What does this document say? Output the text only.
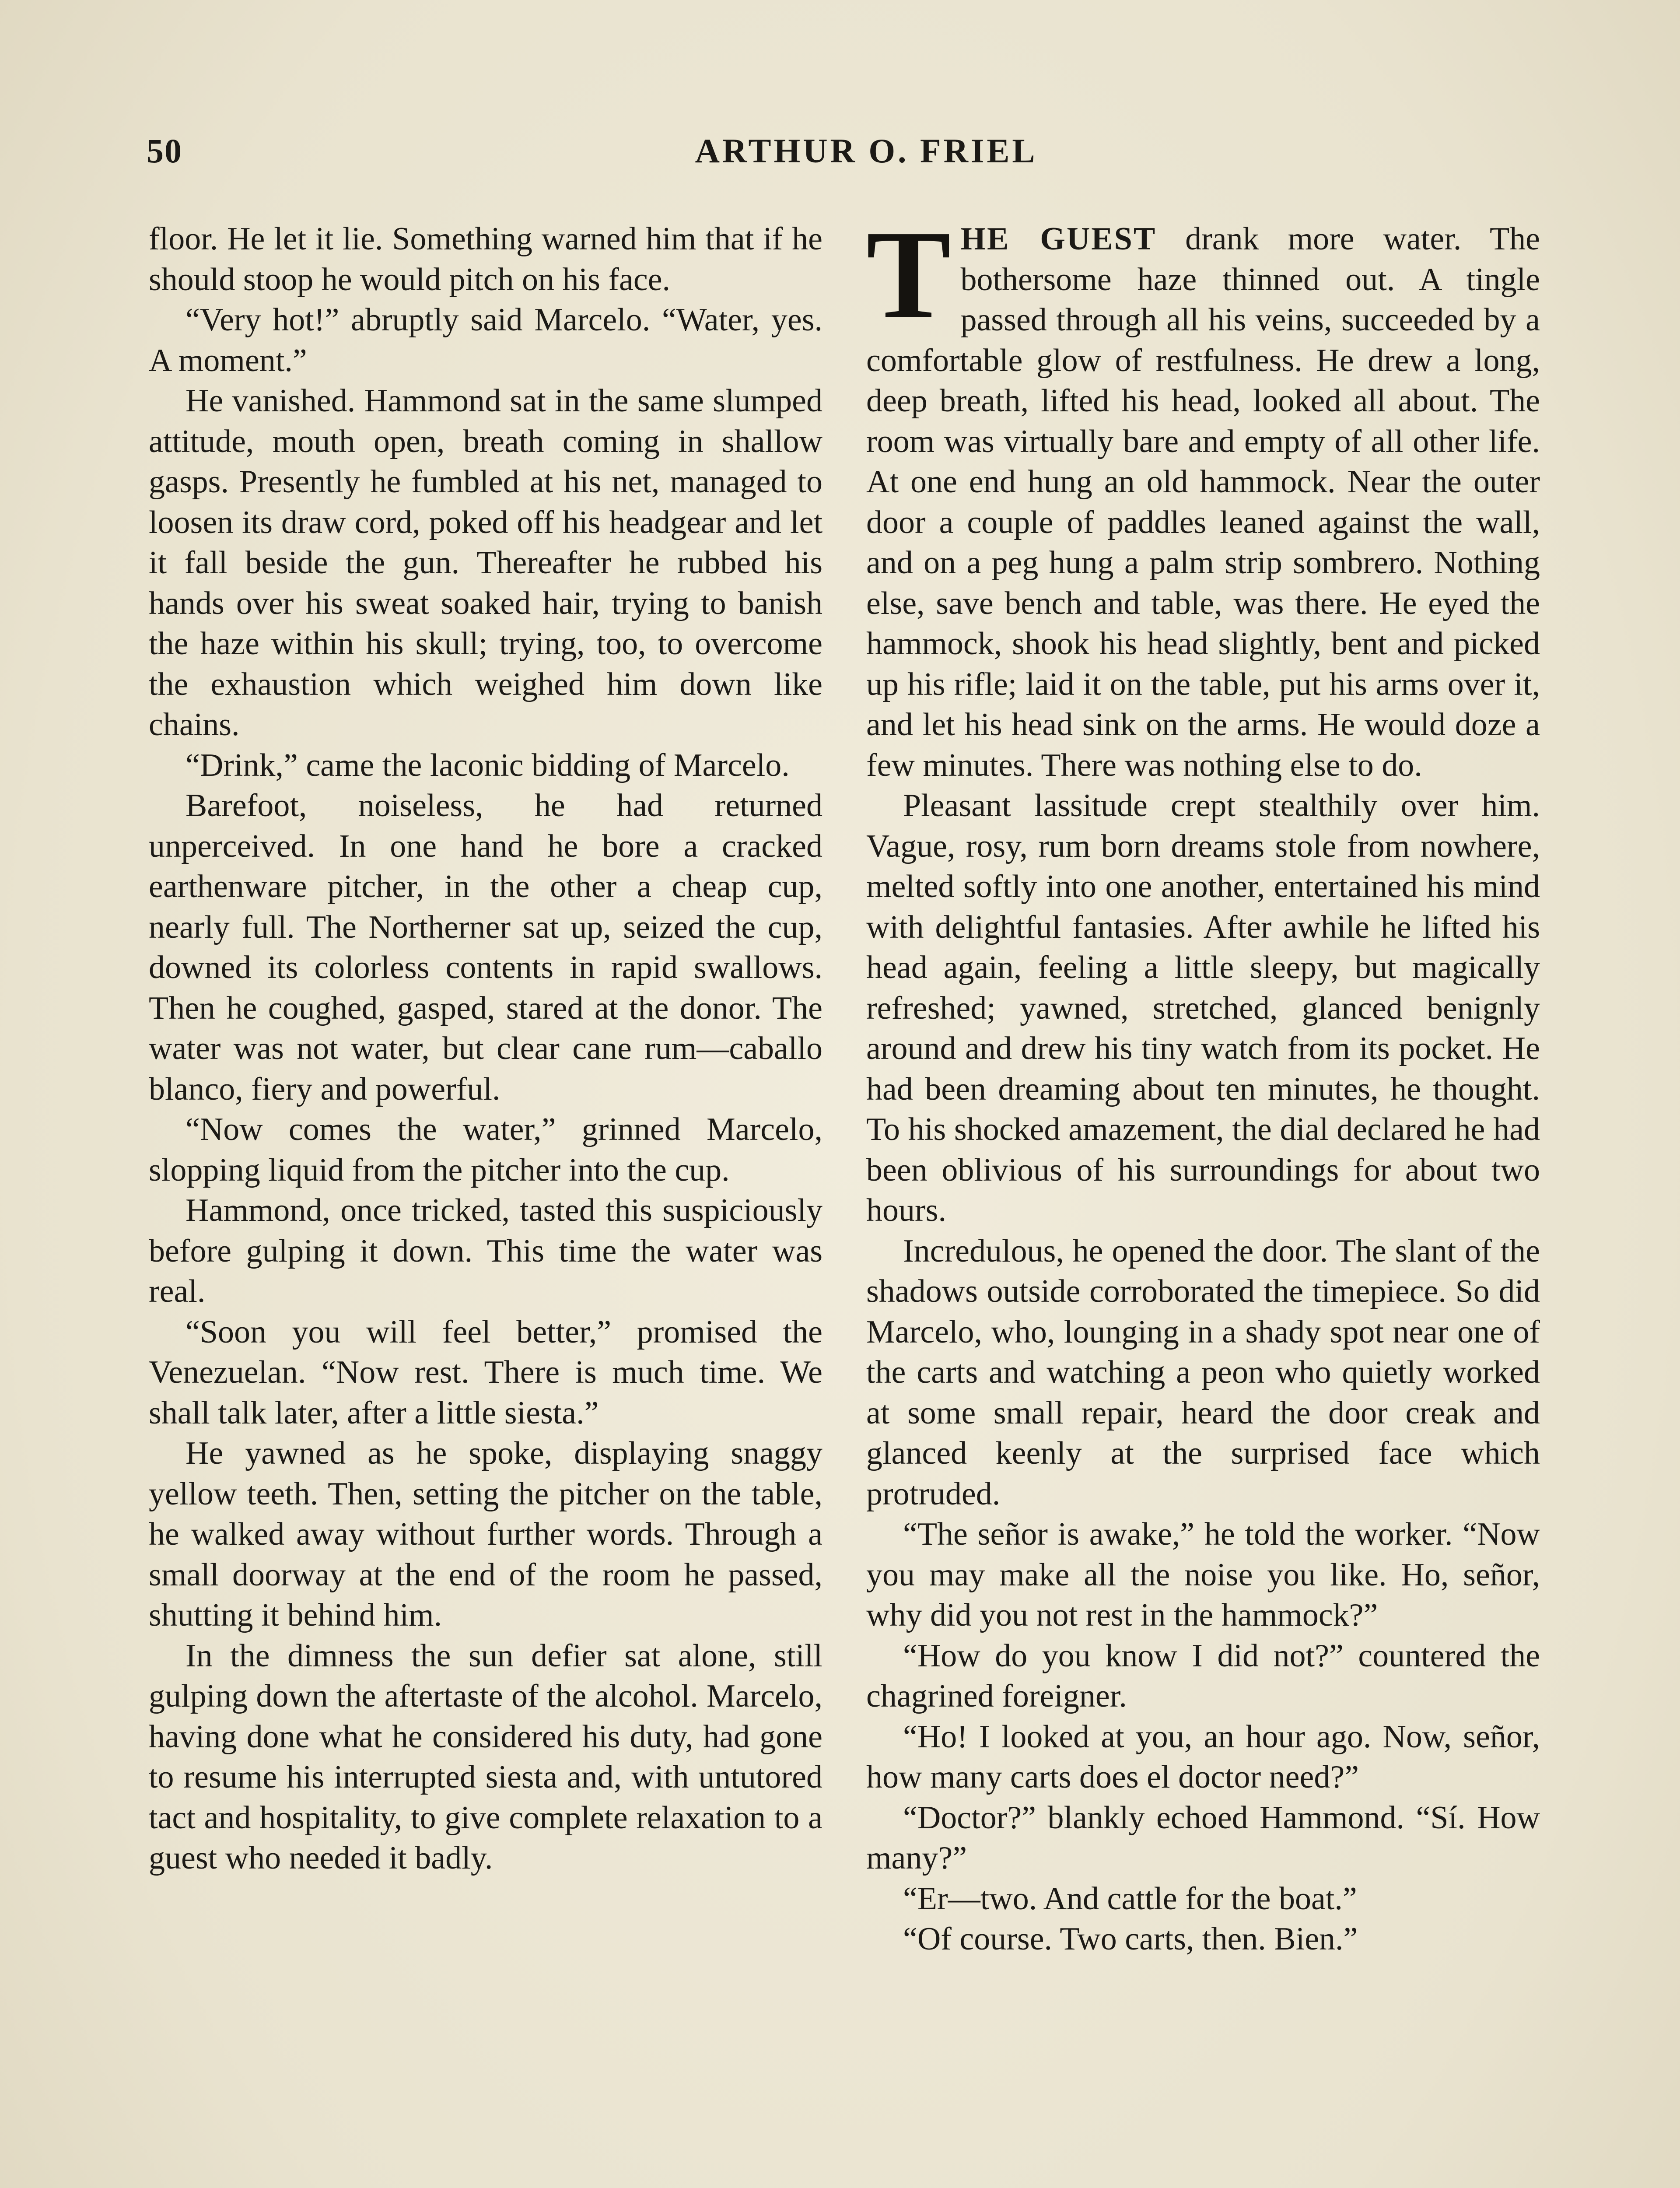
50	ARTHUR O. FRIEL

floor. He let it lie. Something warned him that if he should stoop he would pitch on his face.

“Very hot!” abruptly said Marcelo. “Water, yes. A moment.”

He vanished. Hammond sat in the same slumped attitude, mouth open, breath coming in shallow gasps. Presently he fumbled at his net, managed to loosen its draw cord, poked off his headgear and let it fall beside the gun. Thereafter he rubbed his hands over his sweat soaked hair, trying to banish the haze within his skull; trying, too, to overcome the exhaustion which weighed him down like chains.

“Drink,” came the laconic bidding of Marcelo.

Barefoot, noiseless, he had returned unperceived. In one hand he bore a cracked earthenware pitcher, in the other a cheap cup, nearly full. The Northerner sat up, seized the cup, downed its colorless contents in rapid swallows. Then he coughed, gasped, stared at the donor. The water was not water, but clear cane rum—caballo blanco, fiery and powerful.

“Now comes the water,” grinned Marcelo, slopping liquid from the pitcher into the cup.

Hammond, once tricked, tasted this suspiciously before gulping it down. This time the water was real.

“Soon you will feel better,” promised the Venezuelan. “Now rest. There is much time. We shall talk later, after a little siesta.”

He yawned as he spoke, displaying snaggy yellow teeth. Then, setting the pitcher on the table, he walked away without further words. Through a small doorway at the end of the room he passed, shutting it behind him.

In the dimness the sun defier sat alone, still gulping down the aftertaste of the alcohol. Marcelo, having done what he considered his duty, had gone to resume his interrupted siesta and, with untutored tact and hospitality, to give complete relaxation to a guest who needed it badly.

THE GUEST drank more water. The bothersome haze thinned out. A tingle passed through all his veins, succeeded by a comfortable glow of restfulness. He drew a long, deep breath, lifted his head, looked all about. The room was virtually bare and empty of all other life. At one end hung an old hammock. Near the outer door a couple of paddles leaned against the wall, and on a peg hung a palm strip sombrero. Nothing else, save bench and table, was there. He eyed the hammock, shook his head slightly, bent and picked up his rifle; laid it on the table, put his arms over it, and let his head sink on the arms. He would doze a few minutes. There was nothing else to do.

Pleasant lassitude crept stealthily over him. Vague, rosy, rum born dreams stole from nowhere, melted softly into one another, entertained his mind with delightful fantasies. After awhile he lifted his head again, feeling a little sleepy, but magically refreshed; yawned, stretched, glanced benignly around and drew his tiny watch from its pocket. He had been dreaming about ten minutes, he thought. To his shocked amazement, the dial declared he had been oblivious of his surroundings for about two hours.

Incredulous, he opened the door. The slant of the shadows outside corroborated the timepiece. So did Marcelo, who, lounging in a shady spot near one of the carts and watching a peon who quietly worked at some small repair, heard the door creak and glanced keenly at the surprised face which protruded.

“The señor is awake,” he told the worker. “Now you may make all the noise you like. Ho, señor, why did you not rest in the hammock?”

“How do you know I did not?” countered the chagrined foreigner.

“Ho! I looked at you, an hour ago. Now, señor, how many carts does el doctor need?”

“Doctor?” blankly echoed Hammond. “Sí. How many?”

“Er—two. And cattle for the boat.”

“Of course. Two carts, then. Bien.”
